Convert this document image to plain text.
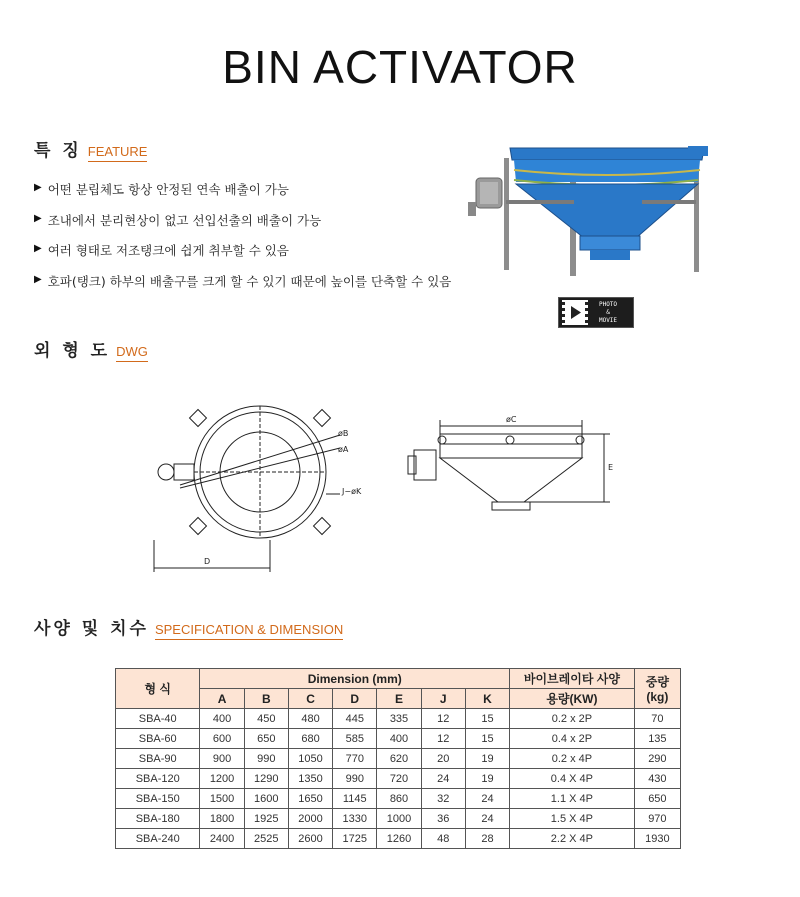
BIN ACTIVATOR
특 징 FEATURE
▶ 어떤 분립체도 항상 안정된 연속 배출이 가능
▶ 조내에서 분리현상이 없고 선입선출의 배출이 가능
▶ 여러 형태로 저조탱크에 쉽게 취부할 수 있음
▶ 호파(탱크) 하부의 배출구를 크게 할 수 있기 때문에 높이를 단축할 수 있음
PHOTO
&
MOVIE
외 형 도 DWG
øB
øA
J−øK
D
øC
E
사양 및 치수 SPECIFICATION & DIMENSION
형 식	Dimension (mm)							바이브레이타 사양	중량
(kg)

	A	B	C	D	E	J	K	용량(KW)	
SBA-40	400	450	480	445	335	12	15	0.2 x 2P	70
SBA-60	600	650	680	585	400	12	15	0.4 x 2P	135
SBA-90	900	990	1050	770	620	20	19	0.2 x 4P	290
SBA-120	1200	1290	1350	990	720	24	19	0.4 X 4P	430
SBA-150	1500	1600	1650	1145	860	32	24	1.1 X 4P	650
SBA-180	1800	1925	2000	1330	1000	36	24	1.5 X 4P	970
SBA-240	2400	2525	2600	1725	1260	48	28	2.2 X 4P	1930
